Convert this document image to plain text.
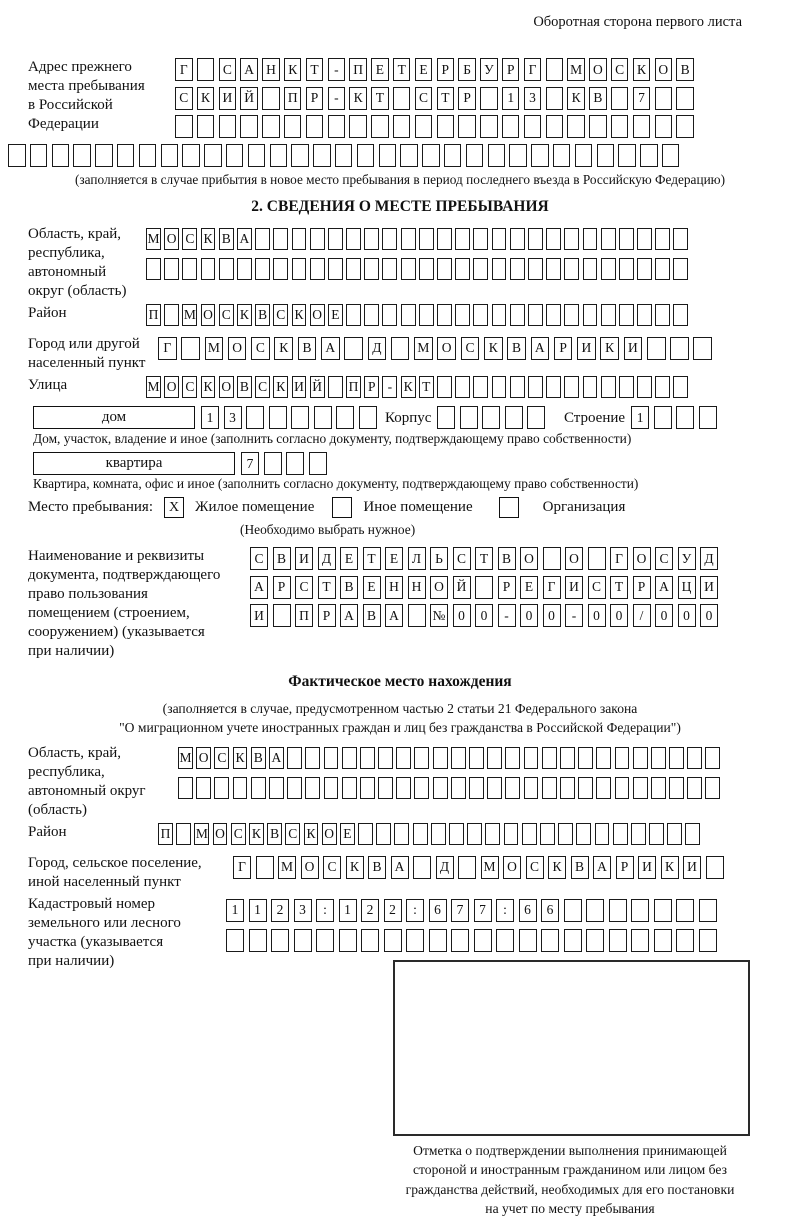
Оборотная сторона первого листа
Адрес прежнего
места пребывания
в Российской
Федерации
Г	С А Н К Т	-	П Е	Т	Е	Р	Б У Р	Г	М О С К О В
С К И Й	П Р	-	К Т	С Т	Р	1	3	К В	7
(заполняется в случае прибытия в новое место пребывания в период последнего въезда в Российскую Федерацию)
2. СВЕДЕНИЯ О МЕСТЕ ПРЕБЫВАНИЯ
Область, край,
республика,
автономный
округ (область)
М О С К В А
Район	П М О С К В С К О Е
Город или другой
населенный пункт
Г	М О	С	К	В	А	Д	М О	С	К	В	А	Р	И	К	И
Улица	М О С К О В С К И Й П Р - К Т
дом	1	3	Корпус	Строение 1
Дом, участок, владение и иное (заполнить согласно документу, подтверждающему право собственности)
квартира	7
Квартира, комната, офис и иное (заполнить согласно документу, подтверждающему право собственности)
Место пребывания:	X	Жилое помещение	Иное помещение	Организация
(Необходимо выбрать нужное)
Наименование и реквизиты
документа, подтверждающего
право пользования
помещением (строением,
сооружением) (указывается
при наличии)
С В И Д	Е	Т	Е	Л	Ь	С	Т	В О	О	Г	О С У Д
А	Р	С	Т	В	Е	Н Н О Й	Р	Е	Г	И С	Т	Р	А Ц И
И	П	Р	А В А	№ 0	0	-	0	0	-	0	0	/	0	0	0
Фактическое место нахождения
(заполняется в случае, предусмотренном частью 2 статьи 21 Федерального закона
"О миграционном учете иностранных граждан и лиц без гражданства в Российской Федерации")
Область, край,
республика,
автономный округ
(область)
М О С К В А
Район	П М О С К В С К О Е
Город, сельское поселение,
иной населенный пункт
Г	М О С К В А	Д	М О С К В А	Р	И К И
Кадастровый номер
земельного или лесного
участка (указывается
при наличии)
1	1	2	3	:	1	2	2	:	6	7	7	:	6	6
Отметка о подтверждении выполнения принимающей
стороной и иностранным гражданином или лицом без
гражданства действий, необходимых для его постановки
на учет по месту пребывания
